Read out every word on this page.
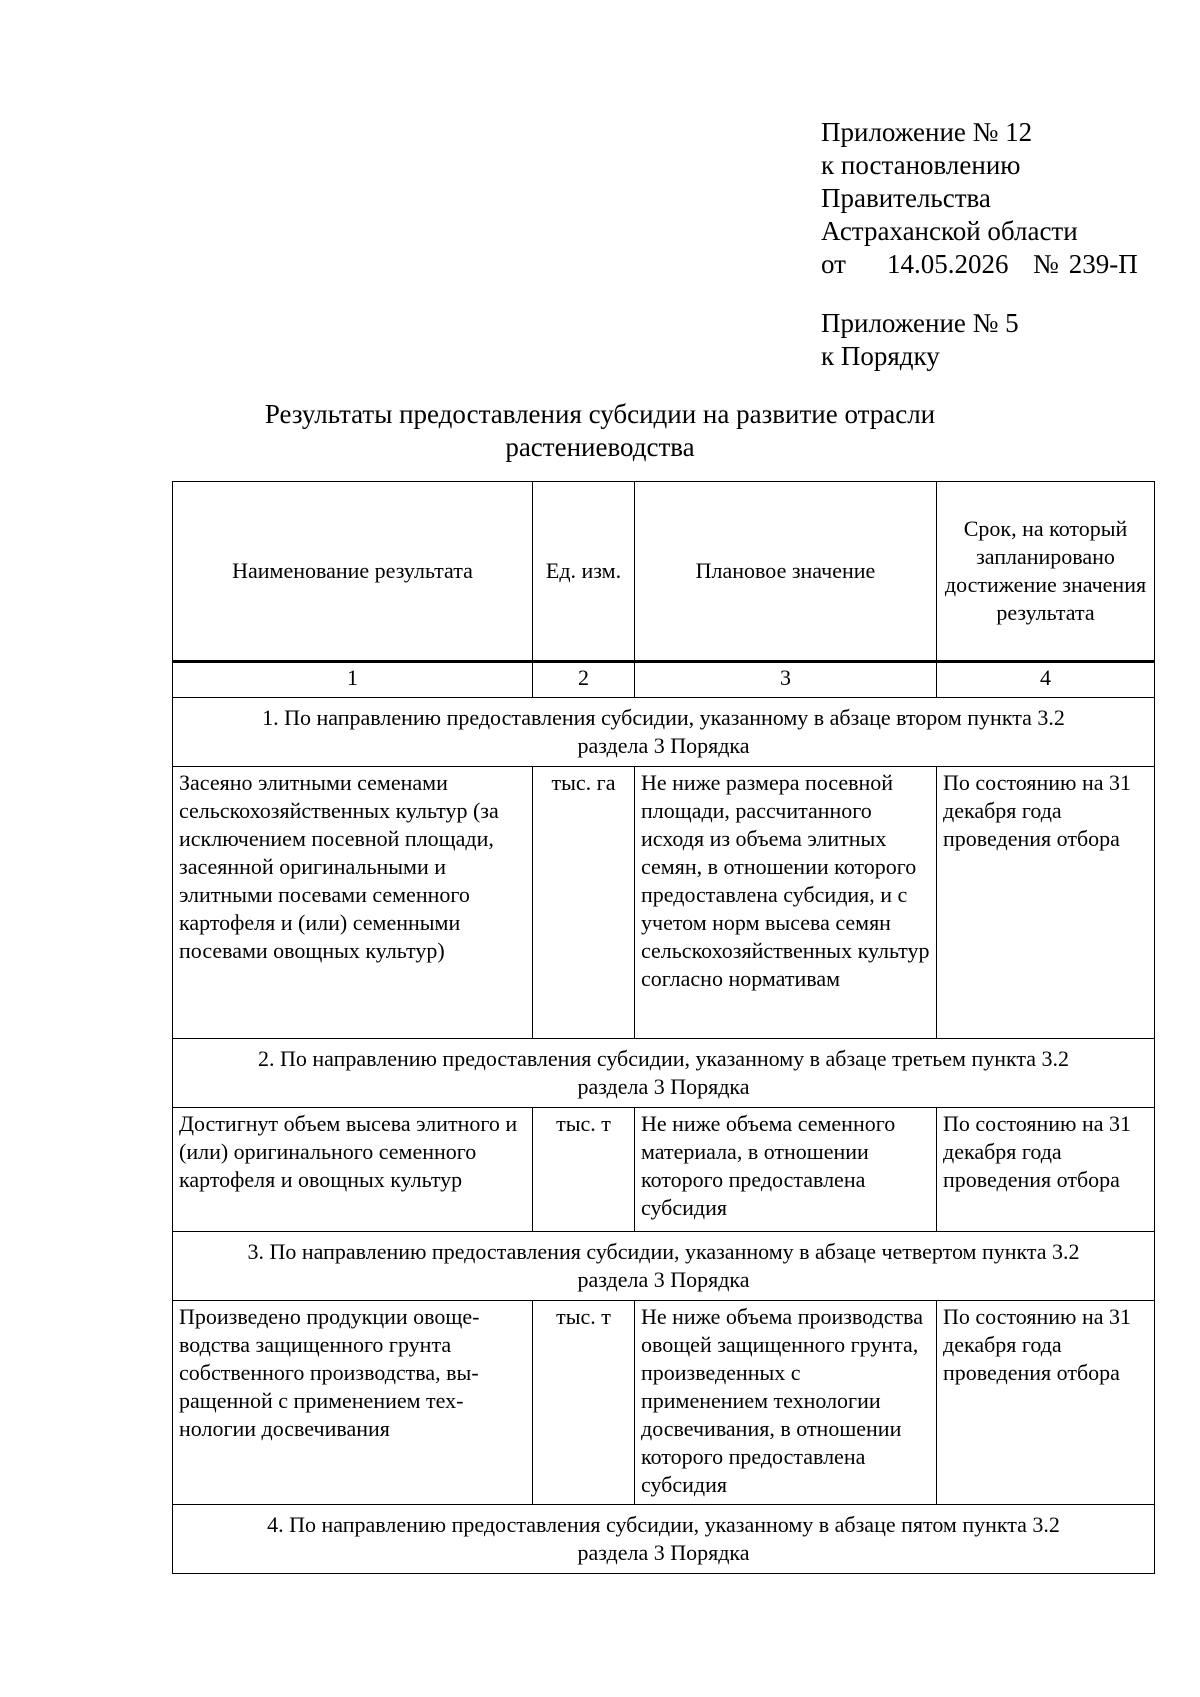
Приложение № 12
к постановлению
Правительства
Астраханской области
от 14.05.2026 № 239-П
Приложение № 5
к Порядку
Результаты предоставления субсидии на развитие отрасли
растениеводства
Наименование результата	Ед. изм.	Плановое значение	Срок, на который запланировано достижение значения результата
1	2	3	4

1. По направлению предоставления субсидии, указанному в абзаце втором пункта 3.2
раздела 3 Порядка			

Засеяно элитными семенами сельскохозяйственных культур (за исключением посевной площади, засеянной оригинальными и элитными посевами семенного картофеля и (или) семенными посевами овощных культур)	тыс. га	Не ниже размера посевной площади, рассчитанного исходя из объема элитных семян, в отношении которого предоставлена субсидия, и с учетом норм высева семян сельскохозяйственных культур согласно нормативам	По состоянию на 31 декабря года проведения отбора

2. По направлению предоставления субсидии, указанному в абзаце третьем пункта 3.2
раздела 3 Порядка			

Достигнут объем высева элитного и (или) оригинального семенного картофеля и овощных культур	тыс. т	Не ниже объема семенного материала, в отношении которого предоставлена субсидия	По состоянию на 31 декабря года проведения отбора

3. По направлению предоставления субсидии, указанному в абзаце четвертом пункта 3.2
раздела 3 Порядка			

Произведено продукции овощеводства защищенного грунта собственного производства, выращенной с применением технологии досвечивания	тыс. т	Не ниже объема производства овощей защищенного грунта, произведенных с применением технологии досвечивания, в отношении которого предоставлена субсидия	По состоянию на 31 декабря года проведения отбора

4. По направлению предоставления субсидии, указанному в абзаце пятом пункта 3.2
раздела 3 Порядка			
